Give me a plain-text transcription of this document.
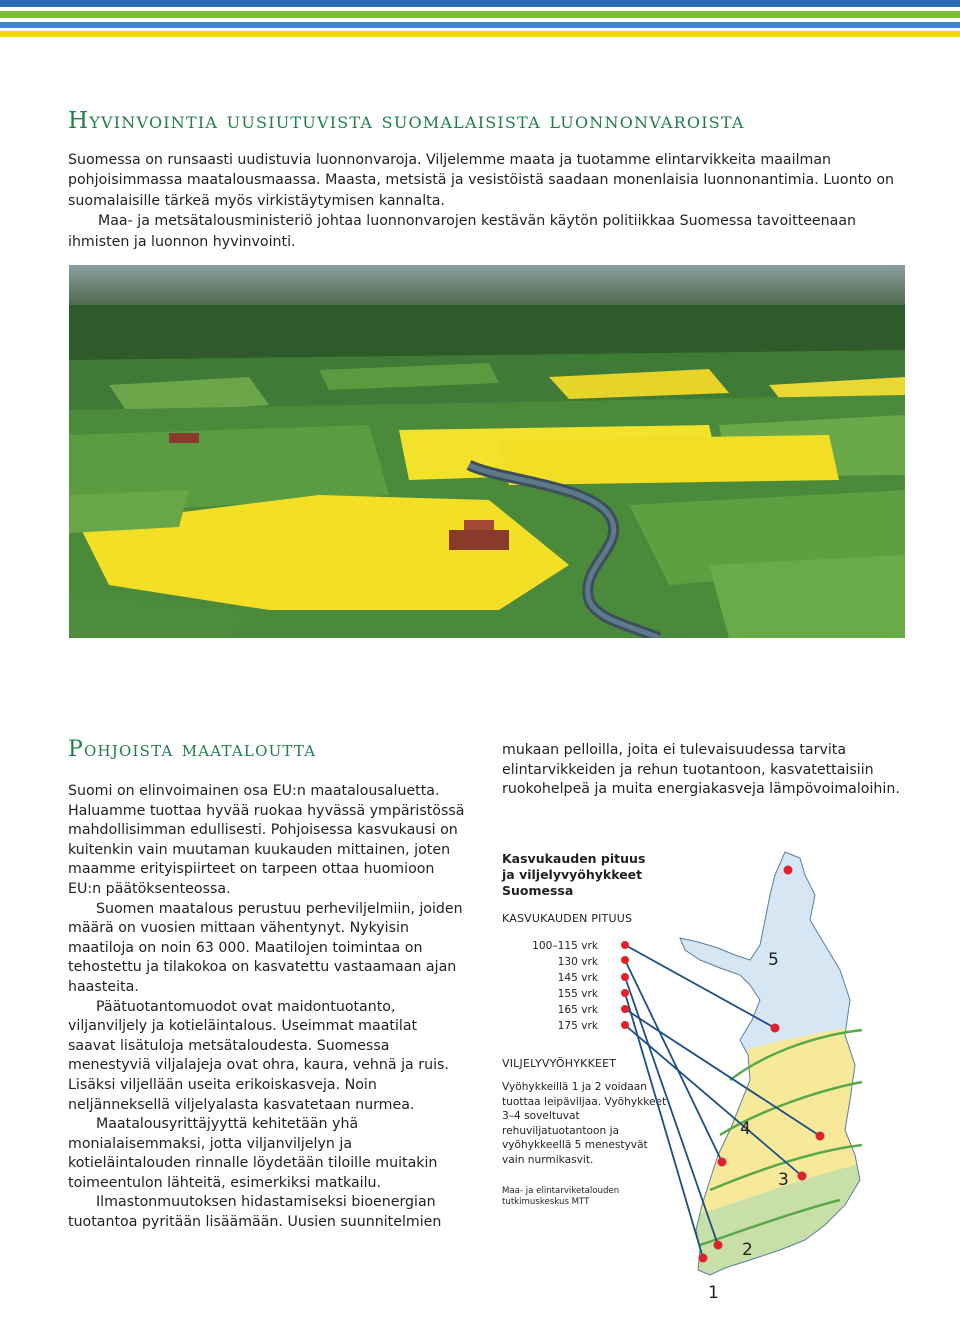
Hyvinvointia uusiutuvista suomalaisista luonnonvaroista

Suomessa on runsaasti uudistuvia luonnonvaroja. Viljelemme maata ja tuotamme elintarvikkeita maailman pohjoisimmassa maatalousmaassa. Maasta, metsistä ja vesistöistä saadaan monenlaisia luonnonantimia. Luonto on suomalaisille tärkeä myös virkistäytymisen kannalta.

Maa- ja metsätalousministeriö johtaa luonnonvarojen kestävän käytön politiikkaa Suomessa tavoitteenaan ihmisten ja luonnon hyvinvointi.

Pohjoista maataloutta

Suomi on elinvoimainen osa EU:n maatalousaluetta. Haluamme tuottaa hyvää ruokaa hyvässä ympäristössä mahdollisimman edullisesti. Pohjoisessa kasvukausi on kuitenkin vain muutaman kuukauden mittainen, joten maamme erityispiirteet on tarpeen ottaa huomioon EU:n päätöksenteossa.

Suomen maatalous perustuu perheviljelmiin, joiden määrä on vuosien mittaan vähentynyt. Nykyisin maatiloja on noin 63 000. Maatilojen toimintaa on tehostettu ja tilakokoa on kasvatettu vastaamaan ajan haasteita.

Päätuotantomuodot ovat maidontuotanto, viljanviljely ja kotieläintalous. Useimmat maatilat saavat lisätuloja metsätaloudesta. Suomessa menestyviä viljalajeja ovat ohra, kaura, vehnä ja ruis. Lisäksi viljellään useita erikoiskasveja. Noin neljänneksellä viljelyalasta kasvatetaan nurmea.

Maatalousyrittäjyyttä kehitetään yhä monialaisemmaksi, jotta viljanviljelyn ja kotieläintalouden rinnalle löydetään tiloille muitakin toimeentulon lähteitä, esimerkiksi matkailu.

Ilmastonmuutoksen hidastamiseksi bioenergian tuotantoa pyritään lisäämään. Uusien suunnitelmien

mukaan pelloilla, joita ei tulevaisuudessa tarvita elintarvikkeiden ja rehun tuotantoon, kasvatettaisiin ruokohelpeä ja muita energiakasveja lämpövoimaloihin.

Kasvukauden pituus ja viljelyvyöhykkeet Suomessa
KASVUKAUDEN PITUUS
100–115 vrk
130 vrk
145 vrk
155 vrk
165 vrk
175 vrk
VILJELYVYÖHYKKEET
Vyöhykkeillä 1 ja 2 voidaan tuottaa leipäviljaa. Vyöhykkeet 3–4 soveltuvat rehuviljatuotantoon ja vyöhykkeellä 5 menestyvät vain nurmikasvit.
Maa- ja elintarviketalouden tutkimuskeskus MTT
5
4
3
2
1
